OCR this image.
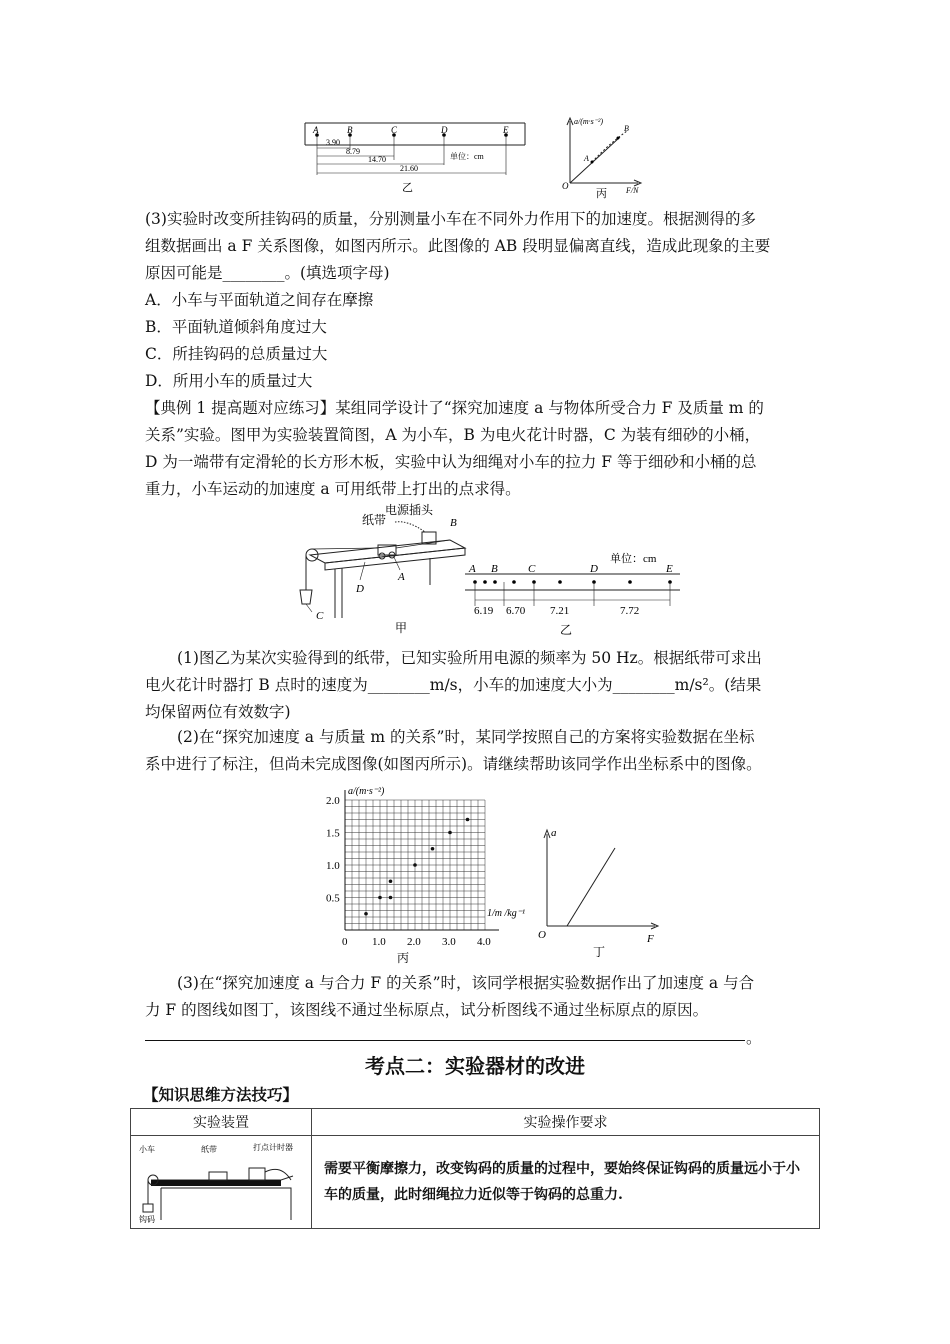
A	B	C	D	E
3.90
8.79
14.70
21.60
单位：cm
乙
a/(m·s⁻²)
F/N
A
B
O
丙

(3)实验时改变所挂钩码的质量，分别测量小车在不同外力作用下的加速度。根据测得的多

组数据画出 a F 关系图像，如图丙所示。此图像的 AB 段明显偏离直线，造成此现象的主要

原因可能是________。(填选项字母)

A．小车与平面轨道之间存在摩擦

B．平面轨道倾斜角度过大

C．所挂钩码的总质量过大

D．所用小车的质量过大

【典例 1 提高题对应练习】某组同学设计了“探究加速度 a 与物体所受合力 F 及质量 m 的

关系”实验。图甲为实验装置简图，A 为小车，B 为电火花计时器，C 为装有细砂的小桶，

D 为一端带有定滑轮的长方形木板，实验中认为细绳对小车的拉力 F 等于细砂和小桶的总

重力，小车运动的加速度 a 可用纸带上打出的点求得。

电源插头
纸带	B
A
C
D
甲
单位：cm
A B	C	D	E
6.19 6.70 7.21	7.72
乙

(1)图乙为某次实验得到的纸带，已知实验所用电源的频率为 50 Hz。根据纸带可求出

电火花计时器打 B 点时的速度为________m/s，小车的加速度大小为________m/s²。(结果

均保留两位有效数字)

(2)在“探究加速度 a 与质量 m 的关系”时，某同学按照自己的方案将实验数据在坐标

系中进行了标注，但尚未完成图像(如图丙所示)。请继续帮助该同学作出坐标系中的图像。

0.5
1.0
1.5
2.0
0 1.0 2.0 3.0 4.0
a/(m·s⁻²)
1/m /kg⁻¹
丙
a
F
O
丁

(3)在“探究加速度 a 与合力 F 的关系”时，该同学根据实验数据作出了加速度 a 与合

力 F 的图线如图丁，该图线不通过坐标原点，试分析图线不通过坐标原点的原因。

。
考点二：实验器材的改进

【知识思维方法技巧】

实验装置	实验操作要求

小车 纸带 打点计时器
钩码	需要平衡摩擦力，改变钩码的质量的过程中，要始终保证钩码的质量远小于小车的质量，此时细绳拉力近似等于钩码的总重力.
